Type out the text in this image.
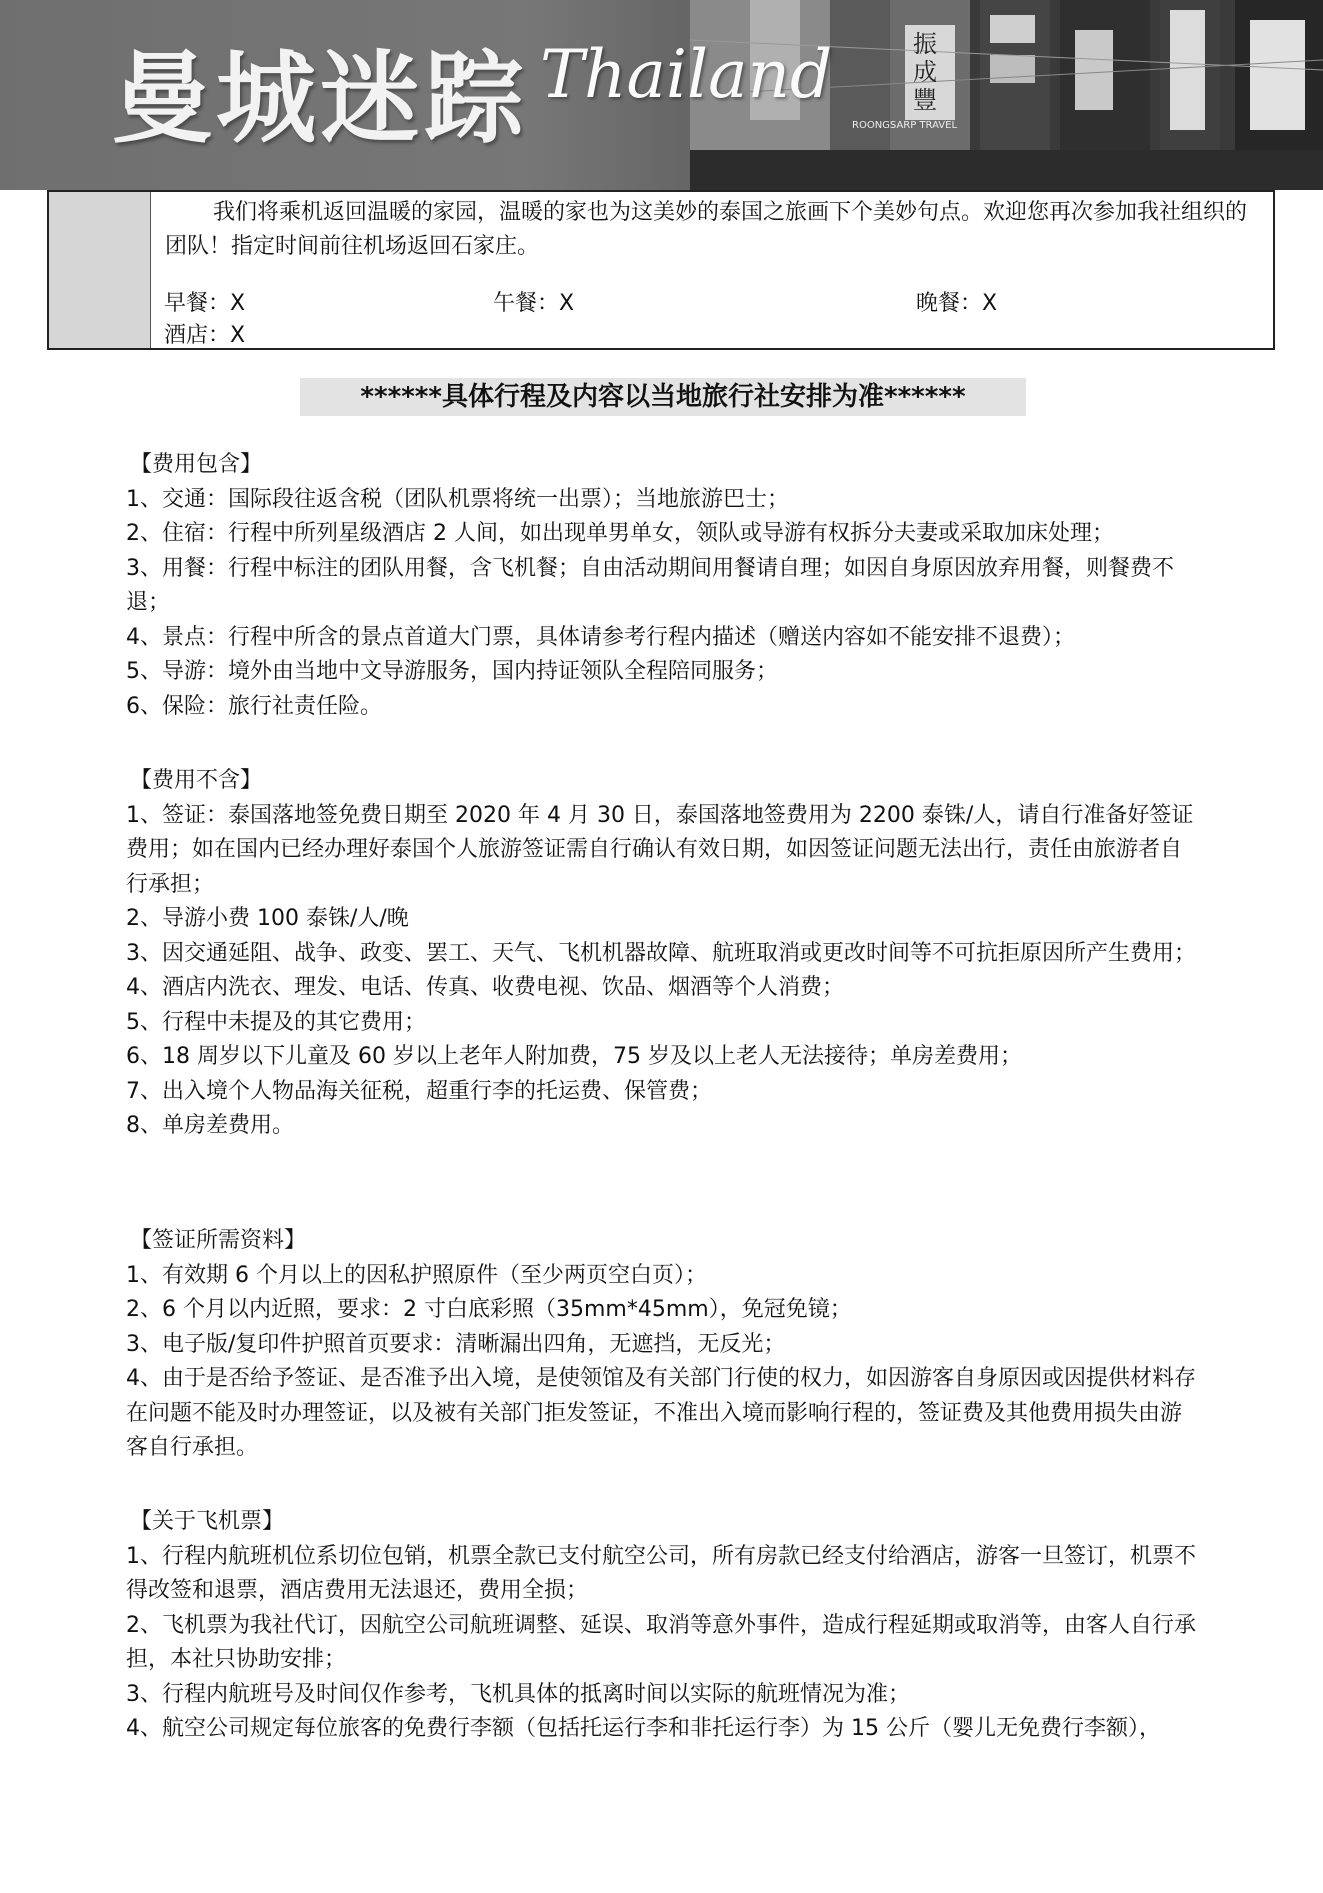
振成豐
ROONGSARP TRAVEL
曼城迷踪 Thailand
我们将乘机返回温暖的家园，温暖的家也为这美妙的泰国之旅画下个美妙句点。欢迎您再次参加我社组织的团队！指定时间前往机场返回石家庄。
早餐：X	午餐：X	晚餐：X
酒店：X
******具体行程及内容以当地旅行社安排为准******

【费用包含】

1、交通：国际段往返含税（团队机票将统一出票）；当地旅游巴士；

2、住宿：行程中所列星级酒店 2 人间，如出现单男单女，领队或导游有权拆分夫妻或采取加床处理；

3、用餐：行程中标注的团队用餐，含飞机餐；自由活动期间用餐请自理；如因自身原因放弃用餐，则餐费不退；

4、景点：行程中所含的景点首道大门票，具体请参考行程内描述（赠送内容如不能安排不退费）；

5、导游：境外由当地中文导游服务，国内持证领队全程陪同服务；

6、保险：旅行社责任险。

【费用不含】

1、签证：泰国落地签免费日期至 2020 年 4 月 30 日，泰国落地签费用为 2200 泰铢/人，请自行准备好签证费用；如在国内已经办理好泰国个人旅游签证需自行确认有效日期，如因签证问题无法出行，责任由旅游者自行承担；

2、导游小费 100 泰铢/人/晚

3、因交通延阻、战争、政变、罢工、天气、飞机机器故障、航班取消或更改时间等不可抗拒原因所产生费用；

4、酒店内洗衣、理发、电话、传真、收费电视、饮品、烟酒等个人消费；

5、行程中未提及的其它费用；

6、18 周岁以下儿童及 60 岁以上老年人附加费，75 岁及以上老人无法接待；单房差费用；

7、出入境个人物品海关征税，超重行李的托运费、保管费；

8、单房差费用。

【签证所需资料】

1、有效期 6 个月以上的因私护照原件（至少两页空白页）；

2、6 个月以内近照，要求：2 寸白底彩照（35mm*45mm），免冠免镜；

3、电子版/复印件护照首页要求：清晰漏出四角，无遮挡，无反光；

4、由于是否给予签证、是否准予出入境，是使领馆及有关部门行使的权力，如因游客自身原因或因提供材料存在问题不能及时办理签证，以及被有关部门拒发签证，不准出入境而影响行程的，签证费及其他费用损失由游客自行承担。

【关于飞机票】

1、行程内航班机位系切位包销，机票全款已支付航空公司，所有房款已经支付给酒店，游客一旦签订，机票不得改签和退票，酒店费用无法退还，费用全损；

2、飞机票为我社代订，因航空公司航班调整、延误、取消等意外事件，造成行程延期或取消等，由客人自行承担，本社只协助安排；

3、行程内航班号及时间仅作参考，飞机具体的抵离时间以实际的航班情况为准；

4、航空公司规定每位旅客的免费行李额（包括托运行李和非托运行李）为 15 公斤（婴儿无免费行李额），
